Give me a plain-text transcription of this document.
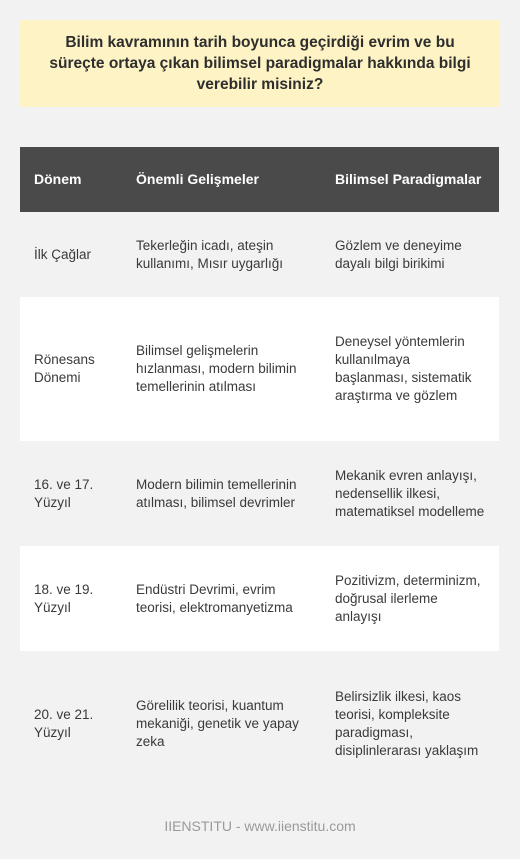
Bilim kavramının tarih boyunca geçirdiği evrim ve bu süreçte ortaya çıkan bilimsel paradigmalar hakkında bilgi verebilir misiniz?

Dönem	Önemli Gelişmeler	Bilimsel Paradigmalar
İlk Çağlar	Tekerleğin icadı, ateşin kullanımı, Mısır uygarlığı	Gözlem ve deneyime dayalı bilgi birikimi
Rönesans Dönemi	Bilimsel gelişmelerin hızlanması, modern bilimin temellerinin atılması	Deneysel yöntemlerin kullanılmaya başlanması, sistematik araştırma ve gözlem
16. ve 17. Yüzyıl	Modern bilimin temellerinin atılması, bilimsel devrimler	Mekanik evren anlayışı, nedensellik ilkesi, matematiksel modelleme
18. ve 19. Yüzyıl	Endüstri Devrimi, evrim teorisi, elektromanyetizma	Pozitivizm, determinizm, doğrusal ilerleme anlayışı
20. ve 21. Yüzyıl	Görelilik teorisi, kuantum mekaniği, genetik ve yapay zeka	Belirsizlik ilkesi, kaos teorisi, kompleksite paradigması, disiplinlerarası yaklaşım
IIENSTITU - www.iienstitu.com
